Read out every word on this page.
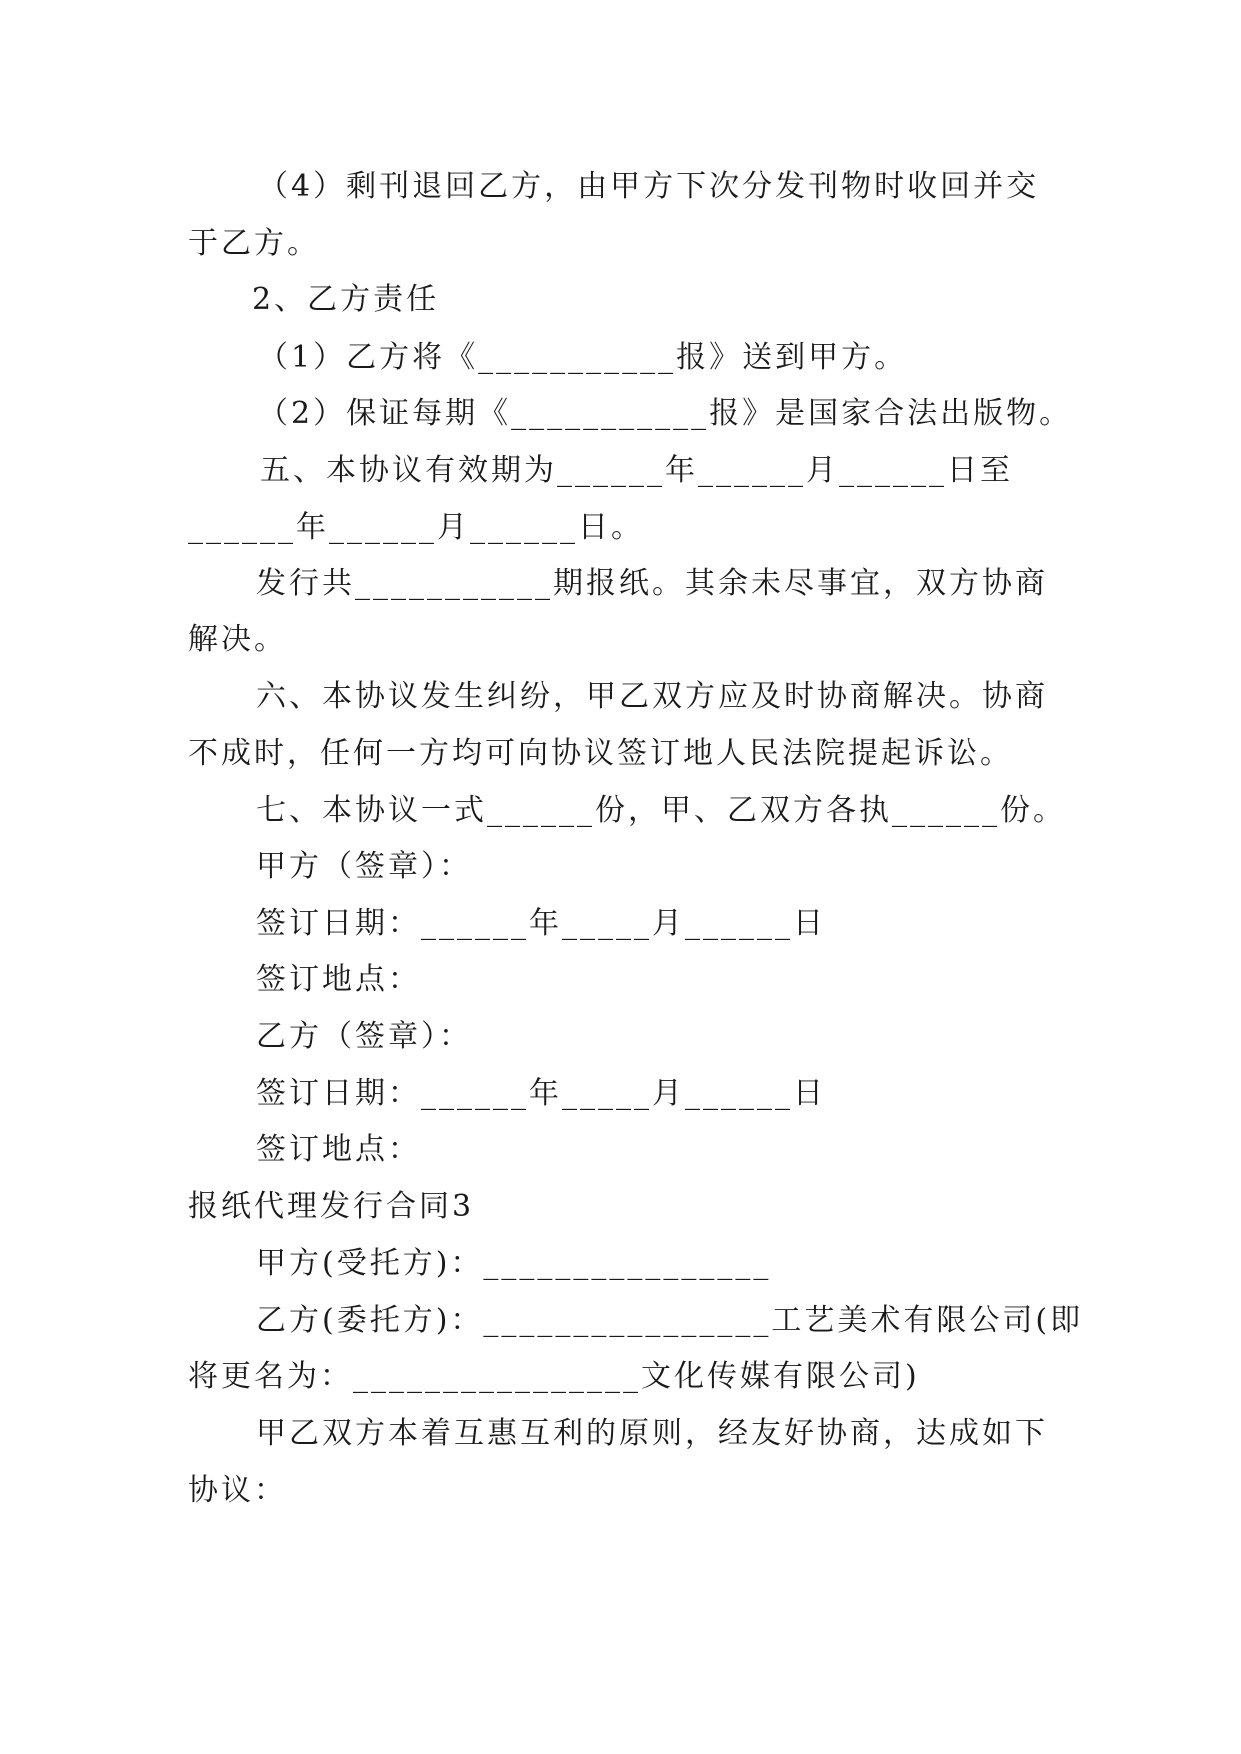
（4）剩刊退回乙方，由甲方下次分发刊物时收回并交
于乙方。
2、乙方责任
（1）乙方将《___________报》送到甲方。
（2）保证每期《___________报》是国家合法出版物。
五、本协议有效期为______年______月______日至
______年______月______日。
发行共___________期报纸。其余未尽事宜，双方协商
解决。
六、本协议发生纠纷，甲乙双方应及时协商解决。协商
不成时，任何一方均可向协议签订地人民法院提起诉讼。
七、本协议一式______份，甲、乙双方各执______份。
甲方（签章）：
签订日期：______年_____月______日
签订地点：
乙方（签章）：
签订日期：______年_____月______日
签订地点：
报纸代理发行合同3
甲方(受托方)：________________
乙方(委托方)：________________工艺美术有限公司(即
将更名为：________________文化传媒有限公司)
甲乙双方本着互惠互利的原则，经友好协商，达成如下
协议：
